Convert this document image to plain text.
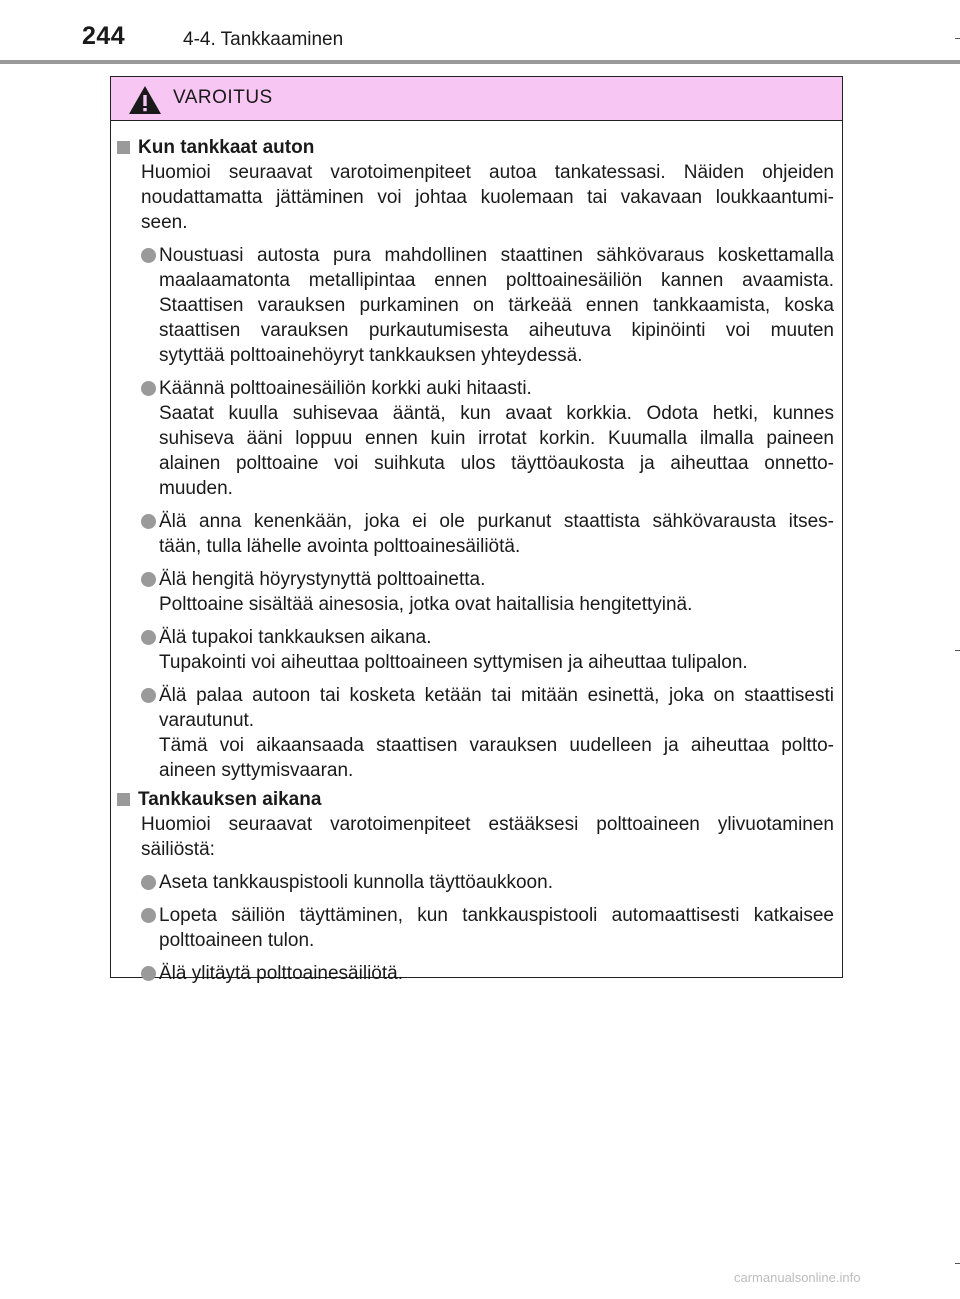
244	4-4. Tankkaaminen
VAROITUS
Kun tankkaat auton
Huomioi seuraavat varotoimenpiteet autoa tankatessasi. Näiden ohjeiden
noudattamatta jättäminen voi johtaa kuolemaan tai vakavaan loukkaantumi-
seen.
Noustuasi autosta pura mahdollinen staattinen sähkövaraus koskettamalla
maalaamatonta metallipintaa ennen polttoainesäiliön kannen avaamista.
Staattisen varauksen purkaminen on tärkeää ennen tankkaamista, koska
staattisen varauksen purkautumisesta aiheutuva kipinöinti voi muuten
sytyttää polttoainehöyryt tankkauksen yhteydessä.
Käännä polttoainesäiliön korkki auki hitaasti.
Saatat kuulla suhisevaa ääntä, kun avaat korkkia. Odota hetki, kunnes
suhiseva ääni loppuu ennen kuin irrotat korkin. Kuumalla ilmalla paineen
alainen polttoaine voi suihkuta ulos täyttöaukosta ja aiheuttaa onnetto-
muuden.
Älä anna kenenkään, joka ei ole purkanut staattista sähkövarausta itses-
tään, tulla lähelle avointa polttoainesäiliötä.
Älä hengitä höyrystynyttä polttoainetta.
Polttoaine sisältää ainesosia, jotka ovat haitallisia hengitettyinä.
Älä tupakoi tankkauksen aikana.
Tupakointi voi aiheuttaa polttoaineen syttymisen ja aiheuttaa tulipalon.
Älä palaa autoon tai kosketa ketään tai mitään esinettä, joka on staattisesti
varautunut.
Tämä voi aikaansaada staattisen varauksen uudelleen ja aiheuttaa poltto-
aineen syttymisvaaran.
Tankkauksen aikana
Huomioi seuraavat varotoimenpiteet estääksesi polttoaineen ylivuotaminen
säiliöstä:
Aseta tankkauspistooli kunnolla täyttöaukkoon.
Lopeta säiliön täyttäminen, kun tankkauspistooli automaattisesti katkaisee
polttoaineen tulon.
Älä ylitäytä polttoainesäiliötä.
carmanualsonline.info
